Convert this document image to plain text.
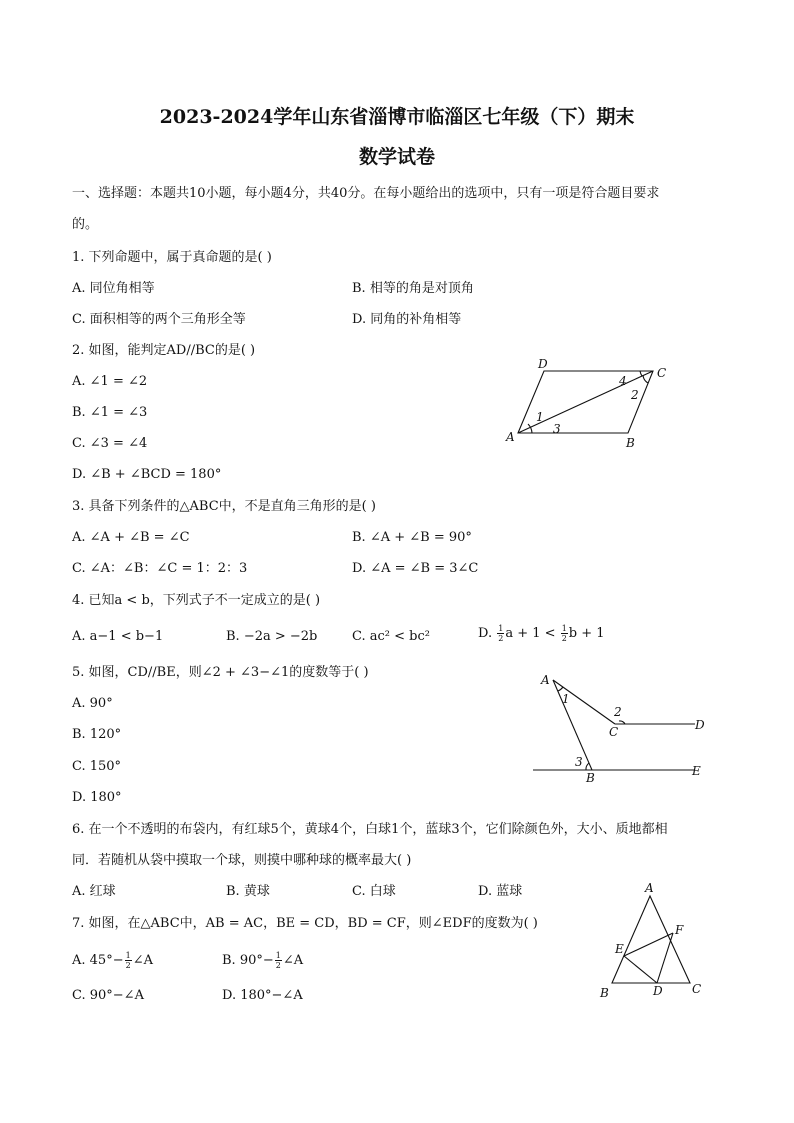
2023-2024学年山东省淄博市临淄区七年级（下）期末
数学试卷
一、选择题：本题共10小题，每小题4分，共40分。在每小题给出的选项中，只有一项是符合题目要求
的。
1. 下列命题中，属于真命题的是( )
A. 同位角相等	B. 相等的角是对顶角
C. 面积相等的两个三角形全等	D. 同角的补角相等
2. 如图，能判定AD//BC的是( )
A. ∠1 = ∠2
B. ∠1 = ∠3
C. ∠3 = ∠4
D. ∠B + ∠BCD = 180°
D
C
A	B
1
2
3
4
3. 具备下列条件的△ABC中，不是直角三角形的是( )
A. ∠A + ∠B = ∠C	B. ∠A + ∠B = 90°
C. ∠A：∠B：∠C = 1：2：3	D. ∠A = ∠B = 3∠C
4. 已知a < b，下列式子不一定成立的是( )
A. a−1 < b−1	B. −2a > −2b	C. ac² < bc²	D. $\frac{1}{2}$ $a + 1 < \frac{1}{2}$ b + 1
5. 如图，CD//BE，则∠2 + ∠3−∠1的度数等于( )
A. 90°
B. 120°
C. 150°
D. 180°
A
1
2
C	D
3
B	E
6. 在一个不透明的布袋内，有红球5个，黄球4个，白球1个，蓝球3个，它们除颜色外，大小、质地都相
同．若随机从袋中摸取一个球，则摸中哪种球的概率最大( )
A. 红球	B. 黄球	C. 白球	D. 蓝球
7. 如图，在△ABC中，AB = AC，BE = CD，BD = CF，则∠EDF的度数为( )
A. $45^\circ- \frac{1}{2}$ ∠A	B. $90^\circ- \frac{1}{2}$ ∠A
C. 90°−∠A	D. 180°−∠A
A
F
E
B	D C
